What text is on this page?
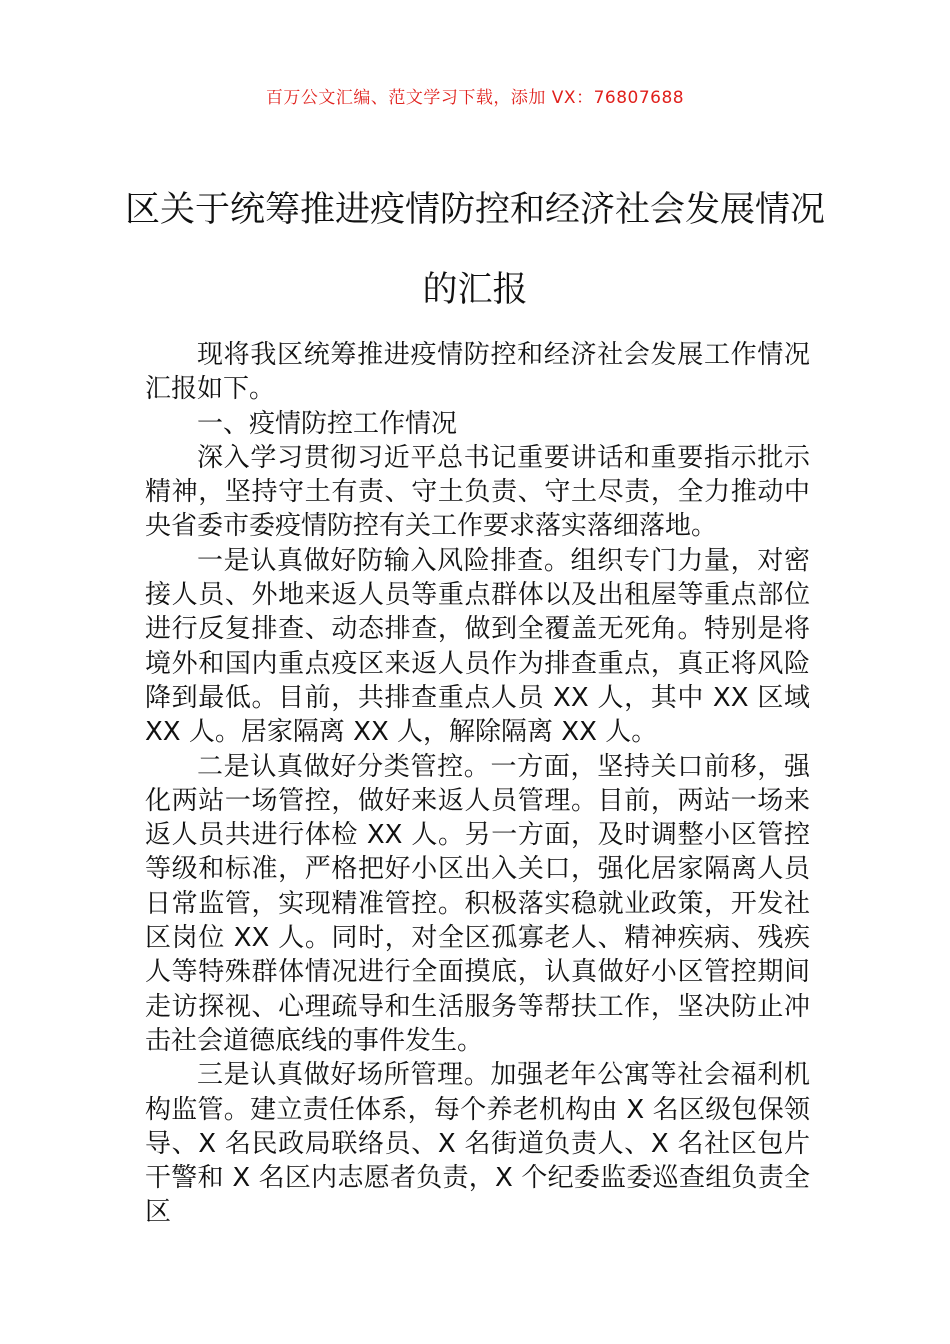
百万公文汇编、范文学习下载，添加 VX：76807688
区关于统筹推进疫情防控和经济社会发展情况的汇报

现将我区统筹推进疫情防控和经济社会发展工作情况汇报如下。

一、疫情防控工作情况

深入学习贯彻习近平总书记重要讲话和重要指示批示精神，坚持守土有责、守土负责、守土尽责，全力推动中央省委市委疫情防控有关工作要求落实落细落地。

一是认真做好防输入风险排查。组织专门力量，对密接人员、外地来返人员等重点群体以及出租屋等重点部位进行反复排查、动态排查，做到全覆盖无死角。特别是将境外和国内重点疫区来返人员作为排查重点，真正将风险降到最低。目前，共排查重点人员 XX 人，其中 XX 区域 XX 人。居家隔离 XX 人，解除隔离 XX 人。

二是认真做好分类管控。一方面，坚持关口前移，强化两站一场管控，做好来返人员管理。目前，两站一场来返人员共进行体检 XX 人。另一方面，及时调整小区管控等级和标准，严格把好小区出入关口，强化居家隔离人员日常监管，实现精准管控。积极落实稳就业政策，开发社区岗位 XX 人。同时，对全区孤寡老人、精神疾病、残疾人等特殊群体情况进行全面摸底，认真做好小区管控期间走访探视、心理疏导和生活服务等帮扶工作，坚决防止冲击社会道德底线的事件发生。

三是认真做好场所管理。加强老年公寓等社会福利机构监管。建立责任体系，每个养老机构由 X 名区级包保领导、X 名民政局联络员、X 名街道负责人、X 名社区包片干警和 X 名区内志愿者负责，X 个纪委监委巡查组负责全区
